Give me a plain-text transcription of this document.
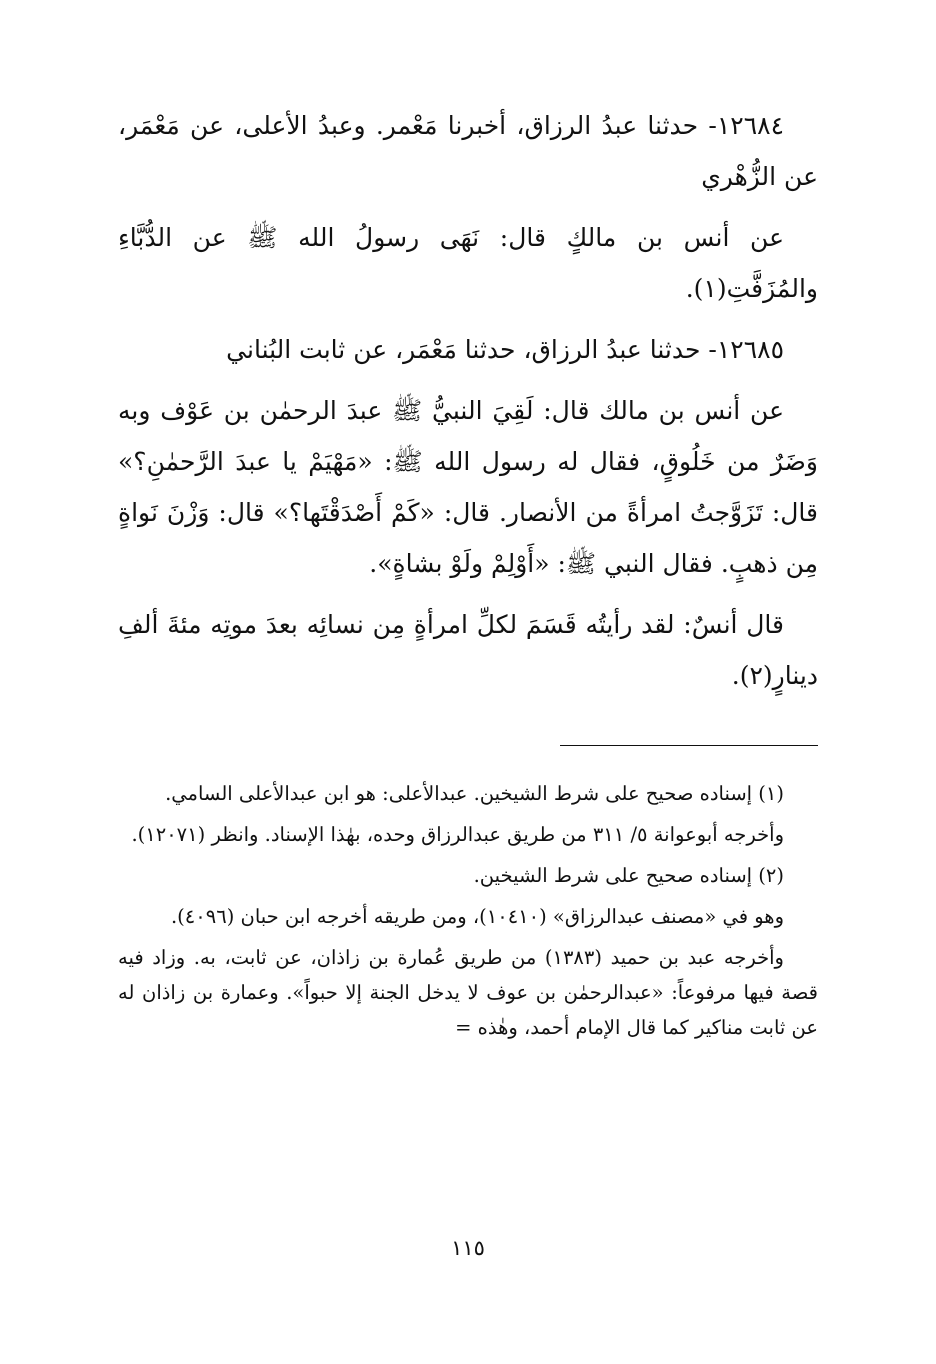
١٢٦٨٤- حدثنا عبدُ الرزاق، أخبرنا مَعْمر. وعبدُ الأعلى، عن مَعْمَر، عن الزُّهْري

عن أنس بن مالكٍ قال: نَهَى رسولُ الله ﷺ عن الدُّبَّاءِ والمُزَفَّتِ(١).

١٢٦٨٥- حدثنا عبدُ الرزاق، حدثنا مَعْمَر، عن ثابت البُناني

عن أنس بن مالك قال: لَقِيَ النبيُّ ﷺ عبدَ الرحمٰن بن عَوْف وبه وَضَرٌ من خَلُوقٍ، فقال له رسول الله ﷺ: «مَهْيَمْ يا عبدَ الرَّحمٰنِ؟» قال: تَزَوَّجتُ امرأةً من الأنصار. قال: «كَمْ أَصْدَقْتَها؟» قال: وَزْنَ نَواةٍ مِن ذهبٍ. فقال النبي ﷺ: «أَوْلِمْ ولَوْ بشاةٍ».

قال أنسٌ: لقد رأيتُه قَسَمَ لكلِّ امرأةٍ مِن نسائِه بعدَ موتِه مئةَ ألفِ دينارٍ(٢).

(١) إسناده صحيح على شرط الشيخين. عبدالأعلى: هو ابن عبدالأعلى السامي.

وأخرجه أبوعوانة ٥/ ٣١١ من طريق عبدالرزاق وحده، بهٰذا الإسناد. وانظر (١٢٠٧١).

(٢) إسناده صحيح على شرط الشيخين.

وهو في «مصنف عبدالرزاق» (١٠٤١٠)، ومن طريقه أخرجه ابن حبان (٤٠٩٦).

وأخرجه عبد بن حميد (١٣٨٣) من طريق عُمارة بن زاذان، عن ثابت، به. وزاد فيه قصة فيها مرفوعاً: «عبدالرحمٰن بن عوف لا يدخل الجنة إلا حبواً». وعمارة بن زاذان له عن ثابت مناكير كما قال الإمام أحمد، وهٰذه =

١١٥
